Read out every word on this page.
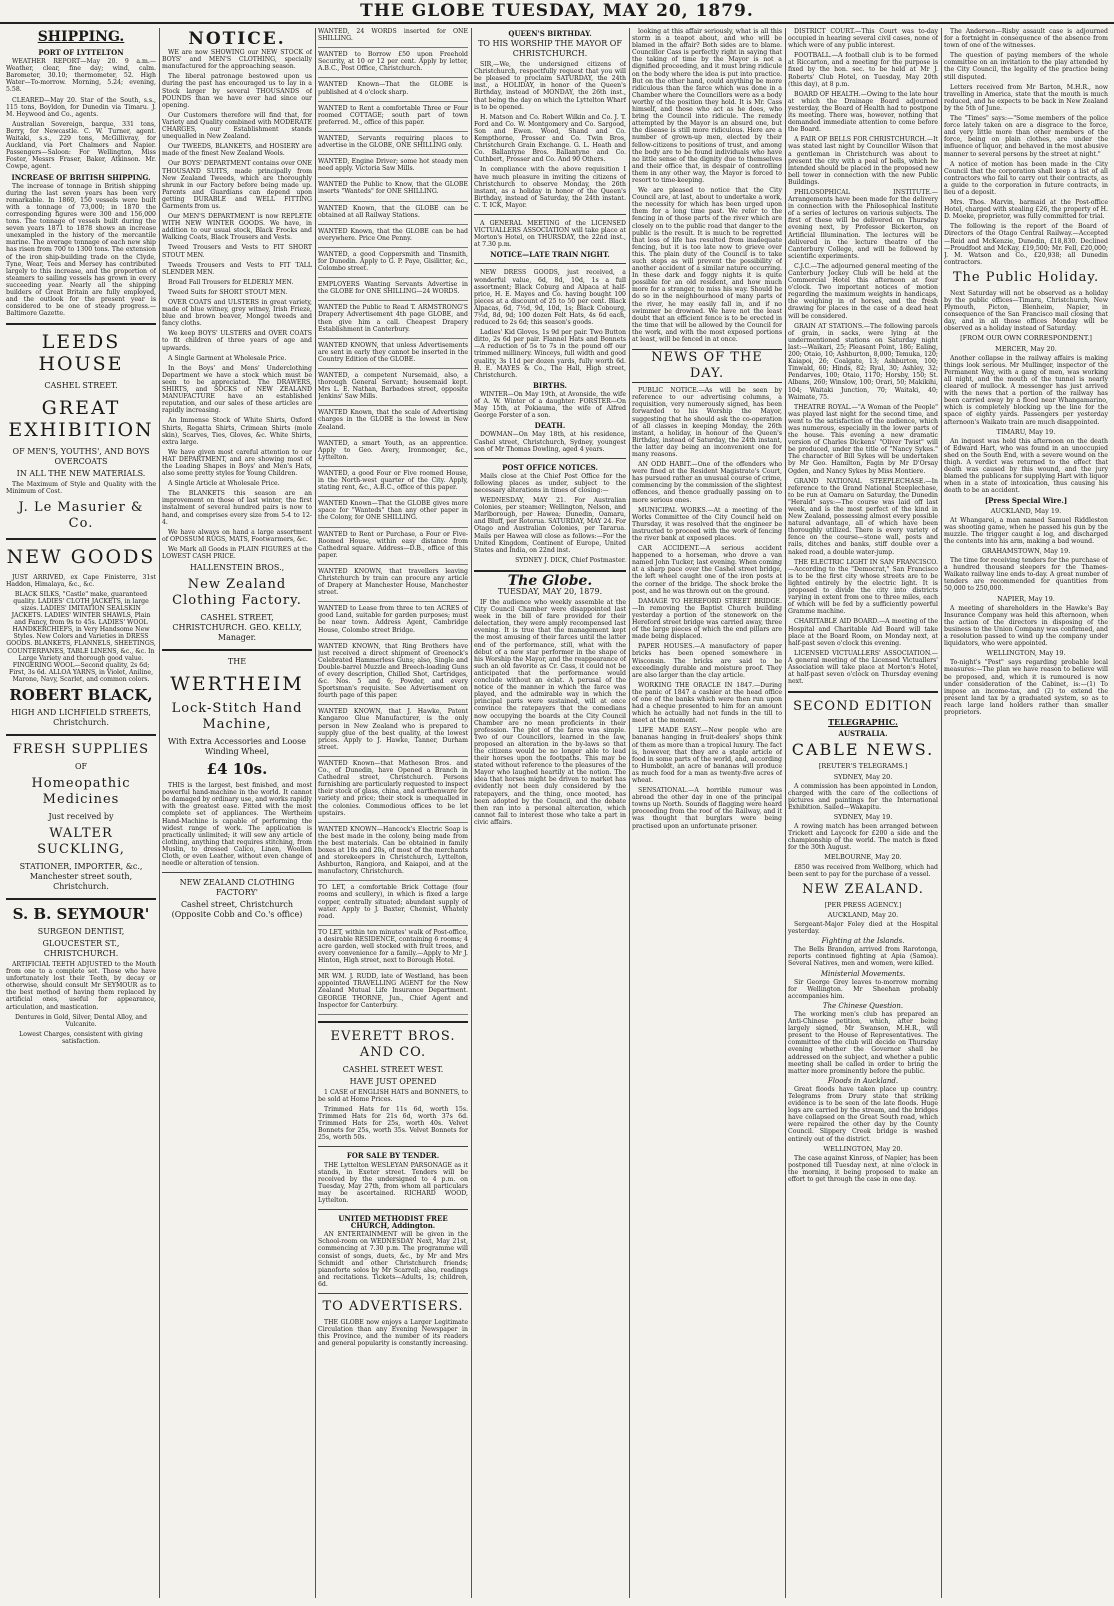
THE GLOBE TUESDAY, MAY 20, 1879.
SHIPPING.
PORT OF LYTTELTON

WEATHER REPORT—May 20. 9 a.m.—Weather, clear, fine day; wind, calm. Barometer, 30.10; thermometer, 52. High Water—To-morrow. Morning, 5.24; evening, 5.58.

CLEARED—May 20. Star of the South, s.s., 115 tons, Boyldon, for Dunedin via Timaru. J. M. Heywood and Co., agents.

Australian Sovereign, barque, 331 tons, Berry, for Newcastle. C. W. Turner, agent. Waitaki, s.s., 229 tons, McGillivray, for Auckland, via Port Chalmers and Napier. Passengers—Saloon: For Wellington, Miss Foster, Messrs Fraser, Baker, Atkinson. Mr. Cowpe, agent.

INCREASE OF BRITISH SHIPPING.

The increase of tonnage in British shipping during the last seven years has been very remarkable. In 1860, 150 vessels were built with a tonnage of 73,000; in 1870 the corresponding figures were 300 and 156,000 tons. The tonnage of vessels built during the seven years 1871 to 1878 shows an increase unexampled in the history of the mercantile marine. The average tonnage of each new ship has risen from 700 to 1300 tons. The extension of the iron ship-building trade on the Clyde, Tyne, Wear, Tees and Mersey has contributed largely to this increase, and the proportion of steamers to sailing vessels has grown in every succeeding year. Nearly all the shipping builders of Great Britain are fully employed, and the outlook for the present year is considered to be one of steady progress.—Baltimore Gazette.

LEEDS HOUSE
CASHEL STREET.
GREAT EXHIBITION
OF MEN'S, YOUTHS', AND BOYS OVERCOATS
IN ALL THE NEW MATERIALS.

The Maximum of Style and Quality with the Minimum of Cost.

J. Le Masurier & Co.
NEW GOODS

JUST ARRIVED, ex Cape Finisterre, 31st Haddon, Himalaya, &c., &c.

BLACK SILKS, "Castle" make, guaranteed quality. LADIES' CLOTH JACKETS, in large sizes. LADIES' IMITATION SEALSKIN JACKETS. LADIES' WINTER SHAWLS, Plain and Fancy, from 9s to 45s. LADIES' WOOL HANDKERCHIEFS, in Very Handsome New Styles. New Colors and Varieties in DRESS GOODS. BLANKETS, FLANNELS, SHEETINGS, COUNTERPANES, TABLE LINENS, &c., &c. In Large Variety and thorough good value. FINGERING WOOL—Second quality, 2s 6d; First, 3s 6d. ALLOA YARNS, in Violet, Aniline, Marone, Navy, Scarlet, and common colors.

ROBERT BLACK,
HIGH AND LICHFIELD STREETS, Christchurch.
FRESH SUPPLIES
OF
Homeopathic Medicines
Just received by
WALTER SUCKLING,
STATIONER, IMPORTER, &c., Manchester street south, Christchurch.
S. B. SEYMOUR'
SURGEON DENTIST,
GLOUCESTER ST., CHRISTCHURCH.

ARTIFICIAL TEETH ADJUSTED to the Mouth from one to a complete set. Those who have unfortunately lost their Teeth, by decay or otherwise, should consult Mr SEYMOUR as to the best method of having them replaced by artificial ones, useful for appearance, articulation, and mastication.

Dentures in Gold, Silver, Dental Alloy, and Vulcanite.

Lowest Charges, consistent with giving satisfaction.

NOTICE.

WE are now SHOWING our NEW STOCK of BOYS' and MEN'S CLOTHING, specially manufactured for the approaching season.

The liberal patronage bestowed upon us during the past has encouraged us to lay in a Stock larger by several THOUSANDS of POUNDS than we have ever had since our opening.

Our Customers therefore will find that, for Variety and Quality combined with MODERATE CHARGES, our Establishment stands unequalled in New Zealand.

Our TWEEDS, BLANKETS, and HOSIERY are made of the finest New Zealand Wools.

Our BOYS' DEPARTMENT contains over ONE THOUSAND SUITS, made principally from New Zealand Tweeds, which are thoroughly shrunk in our Factory before being made up. Parents and Guardians can depend upon getting DURABLE and WELL FITTING Garments from us.

Our MEN'S DEPARTMENT is now REPLETE WITH NEW WINTER GOODS. We have, in addition to our usual stock, Black Frocks and Walking Coats, Black Trousers and Vests.

Tweed Trousers and Vests to FIT SHORT STOUT MEN.

Tweeds Trousers and Vests to FIT TALL SLENDER MEN.

Broad Fall Trousers for ELDERLY MEN.

Tweed Suits for SHORT STOUT MEN.

OVER COATS and ULSTERS in great variety, made of blue witney, grey witney, Irish Frieze, blue and brown beaver, Mongol tweeds and fancy cloths.

We keep BOYS' ULSTERS and OVER COATS to fit children of three years of age and upwards.

A Single Garment at Wholesale Price.

In the Boys' and Mens' Underclothing Department we have a stock which must be seen to be appreciated. The DRAWERS, SHIRTS, and SOCKS of NEW ZEALAND MANUFACTURE have an established reputation, and our sales of these articles are rapidly increasing.

An Immense Stock of White Shirts, Oxford Shirts, Regatta Shirts, Crimean Shirts (mole skin), Scarves, Ties, Gloves, &c. White Shirts, extra large.

We have given most careful attention to our HAT DEPARTMENT, and are showing most of the Leading Shapes in Boys' and Men's Hats, also some pretty styles for Young Children.

A Single Article at Wholesale Price.

The BLANKETS this season are an improvement on those of last winter, the first instalment of several hundred pairs is now to hand, and comprises every size from 5-4 to 12-4.

We have always on hand a large assortment of OPOSSUM RUGS, MATS, Footwarmers, &c.

We Mark all Goods in PLAIN FIGURES at the LOWEST CASH PRICE.

HALLENSTEIN BROS.,
New Zealand Clothing Factory.
CASHEL STREET, CHRISTCHURCH. GEO. KELLY, Manager.
THE
WERTHEIM
Lock-Stitch Hand Machine,
With Extra Accessories and Loose Winding Wheel,
£4 10s.

THIS is the largest, best finished, and most powerful hand-machine in the world. It cannot be damaged by ordinary use, and works rapidly with the greatest ease. Fitted with the most complete set of appliances. The Wertheim Hand-Machine is capable of performing the widest range of work. The application is practically unlimited; it will sew any article of clothing, anything that requires stitching, from Muslin, to dressed Calico, Linen, Woollen Cloth, or even Leather, without even change of needle or alteration of tension.

NEW ZEALAND CLOTHING FACTORY'
Cashel street, Christchurch (Opposite Cobb and Co.'s office)

WANTED, 24 WORDS inserted for ONE SHILLING.

WANTED to Borrow £50 upon Freehold Security, at 10 or 12 per cent. Apply by letter, A.B.C., Post Office, Christchurch.

WANTED Known—That the GLOBE is published at 4 o'clock sharp.

WANTED to Rent a comfortable Three or Four roomed COTTAGE; south part of town preferred. M., office of this paper.

WANTED, Servants requiring places to advertise in the GLOBE, ONE SHILLING only.

WANTED, Engine Driver; some hot steady men need apply. Victoria Saw Mills.

WANTED the Public to Know, that the GLOBE inserts "Wanteds" for ONE SHILLING.

WANTED Known, that the GLOBE can be obtained at all Railway Stations.

WANTED Known, that the GLOBE can be had everywhere. Price One Penny.

WANTED, a good Coppersmith and Tinsmith, for Dunedin. Apply to G. P. Paye, Gisilitter, &c., Colombo street.

EMPLOYERS Wanting Servants Advertise in the GLOBE for ONE SHILLING—24 WORDS.

WANTED the Public to Read T. ARMSTRONG'S Drapery Advertisement 4th page GLOBE, and then give him a call. Cheapest Drapery Establishment in Canterbury.

WANTED KNOWN, that unless Advertisements are sent in early they cannot be inserted in the Country Edition of the GLOBE.

WANTED, a competent Nursemaid, also, a thorough General Servant; housemaid kept. Mrs L. E. Nathan, Barbadoes street, opposite Jenkins' Saw Mills.

WANTED Known, that the scale of Advertising charges in the GLOBE is the lowest in New Zealand.

WANTED, a smart Youth, as an apprentice. Apply to Geo. Avery, Ironmonger, &c., Lyttelton.

WANTED, a good Four or Five roomed House, in the North-west quarter of the City. Apply, stating rent, &c., A.B.C., office of this paper.

WANTED Known—That the GLOBE gives more space for "Wanteds" than any other paper in the Colony, for ONE SHILLING.

WANTED to Rent or Purchase, a Four or Five-Roomed House, within easy distance from Cathedral square. Address—D.B., office of this paper.

WANTED KNOWN, that travellers leaving Christchurch by train can procure any article of Drapery at Manchester House, Manchester street.

WANTED to Lease from three to ten ACRES of good Land, suitable for garden purposes; must be near town. Address Agent, Cambridge House, Colombo street Bridge.

WANTED KNOWN, that Ring Brothers have just received a direct shipment of Greenock's Celebrated Hammerless Guns; also, Single and Double-barrel Muzzle and Breech-loading Guns of every description, Chilled Shot, Cartridges, &c. Nos. 5 and 6; Powder, and every Sportsman's requisite. See Advertisement on fourth page of this paper.

WANTED KNOWN, that J. Hawke, Patent Kangaroo Glue Manufacturer, is the only person in New Zealand who is prepared to supply glue of the best quality, at the lowest prices. Apply to J. Hawke, Tanner, Durham street.

WANTED Known—that Matheson Bros. and Co., of Dunedin, have Opened a Branch in Cathedral street, Christchurch. Persons furnishing are particularly requested to inspect their stock of glass, china, and earthenware for variety and price; their stock is unequalled in the colonies. Commodious offices to be let upstairs.

WANTED KNOWN—Hancock's Electric Soap is the best made in the colony, being made from the best materials. Can be obtained in family boxes at 10s and 20s, of most of the merchants and storekeepers in Christchurch, Lyttelton, Ashburton, Rangiora, and Kaiapoi, and at the manufactory, Christchurch.

TO LET, a comfortable Brick Cottage (four rooms and scullery), in which is fixed a large copper, centrally situated; abundant supply of water. Apply to J. Baxter, Chemist, Whately road.

TO LET, within ten minutes' walk of Post-office, a desirable RESIDENCE, containing 6 rooms; 4 acre garden, well stocked with fruit trees, and every convenience for a family.—Apply to Mr J. Hinton, High street, next to Borough Hotel.

MR WM. J. RUDD, late of Westland, has been appointed TRAVELLING AGENT for the New Zealand Mutual Life Insurance Department. GEORGE THORNE, Jun., Chief Agent and Inspector for Canterbury.

EVERETT BROS. AND CO.
CASHEL STREET WEST.
HAVE JUST OPENED

1 CASE of ENGLISH HATS and BONNETS, to be sold at Home Prices.

Trimmed Hats for 11s 6d, worth 15s. Trimmed Hats for 21s 6d, worth 37s 6d. Trimmed Hats for 25s, worth 40s. Velvet Bonnets for 25s, worth 35s. Velvet Bonnets for 25s, worth 50s.

FOR SALE BY TENDER.

THE Lyttelton WESLEYAN PARSONAGE as it stands, in Exeter street. Tenders will be received by the undersigned to 4 p.m. on Tuesday, May 27th, from whom all particulars may be ascertained. RICHARD WOOD, Lyttelton.

UNITED METHODIST FREE CHURCH, Addington.

AN ENTERTAINMENT will be given in the School-room on WEDNESDAY Next, May 21st, commencing at 7.30 p.m. The programme will consist of songs, duets, &c., by Mr and Mrs Schmidt and other Christchurch friends; pianoforte solos by Mr Scarrell; also, readings and recitations. Tickets—Adults, 1s; children, 6d.

TO ADVERTISERS.

THE GLOBE now enjoys a Larger Legitimate Circulation than any Evening Newspaper in this Province, and the number of its readers and general popularity is constantly increasing.

QUEEN'S BIRTHDAY.
TO HIS WORSHIP THE MAYOR OF CHRISTCHURCH.

SIR,—We, the undersigned citizens of Christchurch, respectfully request that you will be pleased to proclaim SATURDAY, the 24th inst., a HOLIDAY, in honor of the Queen's Birthday, instead of MONDAY, the 26th inst., that being the day on which the Lyttelton Wharf is to be opened.

H. Matson and Co. Robert Wilkin and Co. J. T. Ford and Co. W. Montgomery and Co. Sargood, Son and Ewen. Wood, Shand and Co. Kempthorne, Prosser and Co. Twin Bros, Christchurch Grain Exchange. G. L. Heath and Co. Ballantyne Bros. Ballantyne and Co. Cuthbert, Prosser and Co. And 90 Others.

In compliance with the above requisition I have much pleasure in inviting the citizens of Christchurch to observe Monday, the 26th instant, as a holiday in honor of the Queen's Birthday, instead of Saturday, the 24th instant. C. T. ICK, Mayor.

A GENERAL MEETING of the LICENSED VICTUALLERS ASSOCIATION will take place at Morton's Hotel, on THURSDAY, the 22nd inst., at 7.30 p.m.

NOTICE—LATE TRAIN NIGHT.

NEW DRESS GOODS, just received, a wonderful value, 6d, 8d, 10d, 1s a full assortment; Black Coburg and Alpaca at half-price, H. E. Mayes and Co. having bought 100 pieces at a discount of 25 to 50 per cent. Black Alpacas, 6d, 7½d, 9d, 10d, 1s; Black Cobourg, 7½d, 8d, 9d; 100 dozen Felt Hats, 4s 6d each, reduced to 2s 6d; this season's goods.

Ladies' Kid Gloves, 1s 9d per pair. Two Button ditto, 2s 6d per pair. Flannel Hats and Bonnets—A reduction of 5s to 7s in the pound off our trimmed millinery. Winceys, full width and good quality, 3s 11d per dozen yards, fully worth 6d. H. E. MAYES & Co., The Hall, High street, Christchurch.

BIRTHS.

WINTER—On May 19th, at Avonside, the wife of A. W. Winter of a daughter. FORSTER—On May 15th, at Pokiauma, the wife of Alfred George Forster of a son.

DEATH.

DOWMAN—On May 18th, at his residence, Cashel street, Christchurch, Sydney, youngest son of Mr Thomas Dowling, aged 4 years.

POST OFFICE NOTICES.

Mails close at the Chief Post Office for the following places as under, subject to the necessary alterations in times of closing:—

WEDNESDAY, MAY 21. For Australian Colonies, per steamer; Wellington, Nelson, and Marlborough, per Hawea; Dunedin, Oamaru, and Bluff, per Rotorua. SATURDAY, MAY 24. For Otago and Australian Colonies, per Tararua. Mails per Hawea will close as follows:—For the United Kingdom, Continent of Europe, United States and India, on 22nd inst.

SYDNEY J. DICK, Chief Postmaster.

The Globe.
TUESDAY, MAY 20, 1879.

IF the audience who weekly assemble at the City Council Chamber were disappointed last week in the bill of fare provided for their delectation, they were amply recompensed last evening. It is true that the management kept the most amusing of their farces until the latter end of the performance, still, what with the début of a new star performer in the shape of his Worship the Mayor, and the reappearance of such an old favorite as Cr. Cass, it could not be anticipated that the performance would conclude without an éclat. A perusal of the notice of the manner in which the farce was played, and the admirable way in which the principal parts were sustained, will at once convince the ratepayers that the comedians now occupying the boards at the City Council Chamber are no mean proficients in their profession. The plot of the farce was simple. Two of our Councillors, learned in the law, proposed an alteration in the by-laws so that the citizens would be no longer able to lead their horses upon the footpaths. This may be stated without reference to the pleasures of the Mayor who laughed heartily at the notion. The idea that horses might be driven to market has evidently not been duly considered by the ratepayers, and the thing, once mooted, has been adopted by the Council, and the debate then ran into a personal altercation, which cannot fail to interest those who take a part in civic affairs.

looking at this affair seriously, what is all this storm in a teapot about, and who will be blamed in the affair? Both sides are to blame. Councillor Cass is perfectly right in saying that the taking of time by the Mayor is not a dignified proceeding, and it must bring ridicule on the body where the idea is put into practice. But on the other hand, could anything be more ridiculous than the farce which was done in a Chamber where the Councillors were as a body worthy of the position they hold. It is Mr. Cass himself, and those who act as he does, who bring the Council into ridicule. The remedy attempted by the Mayor is an absurd one, but the disease is still more ridiculous. Here are a number of grown-up men, elected by their fellow-citizens to positions of trust, and among the body are to be found individuals who have no little sense of the dignity due to themselves and their office that, in despair of controlling them in any other way, the Mayor is forced to resort to time-keeping.

We are pleased to notice that the City Council are, at last, about to undertake a work, the necessity for which has been urged upon them for a long time past. We refer to the fencing in of those parts of the river which are closely on to the public road that danger to the public is the result. It is much to be regretted that loss of life has resulted from inadequate fencing, but it is too late now to grieve over this. The plain duty of the Council is to take such steps as will prevent the possibility of another accident of a similar nature occurring. In these dark and foggy nights it is quite possible for an old resident, and how much more for a stranger, to miss his way. Should he do so in the neighbourhood of many parts of the river, he may easily fall in, and if no swimmer be drowned. We have not the least doubt that an efficient fence is to be erected in the time that will be allowed by the Council for the work, and with the most exposed portions at least, will be fenced in at once.

NEWS OF THE DAY.

PUBLIC NOTICE.—As will be seen by reference to our advertising columns, a requisition, very numerously signed, has been forwarded to his Worship the Mayor, suggesting that he should ask the co-operation of all classes in keeping Monday, the 26th instant, a holiday, in honour of the Queen's Birthday, instead of Saturday, the 24th instant, the latter day being an inconvenient one for many reasons.

AN ODD HABIT.—One of the offenders who were fined at the Resident Magistrate's Court, has pursued rather an unusual course of crime, commencing by the commission of the slightest offences, and thence gradually passing on to more serious ones.

MUNICIPAL WORKS.—At a meeting of the Works Committee of the City Council held on Thursday, it was resolved that the engineer be instructed to proceed with the work of fencing the river bank at exposed places.

CAR ACCIDENT.—A serious accident happened to a horseman, who drove a van named John Tucker, last evening. When coming at a sharp pace over the Cashel street bridge, the left wheel caught one of the iron posts at the corner of the bridge. The shock broke the post, and he was thrown out on the ground.

DAMAGE TO HEREFORD STREET BRIDGE.—In removing the Baptist Church building yesterday a portion of the stonework on the Hereford street bridge was carried away, three of the large pieces of which the end pillars are made being displaced.

PAPER HOUSES.—A manufactory of paper bricks has been opened somewhere in Wisconsin. The bricks are said to be exceedingly durable and moisture proof. They are also larger than the clay article.

WORKING THE ORACLE IN 1847.—During the panic of 1847 a cashier at the head office of one of the banks which were then run upon had a cheque presented to him for an amount which he actually had not funds in the till to meet at the moment.

LIFE MADE EASY.—New people who are bananas hanging in fruit-dealers' shops think of them as more than a tropical luxury. The fact is, however, that they are a staple article of food in some parts of the world, and, according to Humboldt, an acre of bananas will produce as much food for a man as twenty-five acres of wheat.

SENSATIONAL.—A horrible rumour was abroad the other day in one of the principal towns up North. Sounds of flagging were heard proceeding from the roof of the Railway, and it was thought that burglars were being practised upon an unfortunate prisoner.

DISTRICT COURT.—This Court was to-day occupied in hearing several civil cases, none of which were of any public interest.

FOOTBALL.—A football club is to be formed at Riccarton, and a meeting for the purpose is fixed by the hon. sec. to be held at Mr J. Roberts' Club Hotel, on Tuesday, May 20th (this day), at 8 p.m.

BOARD OF HEALTH.—Owing to the late hour at which the Drainage Board adjourned yesterday, the Board of Health had to postpone its meeting. There was, however, nothing that demanded immediate attention to come before the Board.

A FAIR OF BELLS FOR CHRISTCHURCH.—It was stated last night by Councillor Wilson that a gentleman in Christchurch was about to present the city with a peal of bells, which he intended should be placed in the proposed new bell tower in connection with the new Public Buildings.

PHILOSOPHICAL INSTITUTE.—Arrangements have been made for the delivery in connection with the Philosophical Institute of a series of lectures on various subjects. The first of these will be delivered on Thursday evening next, by Professor Bickerton, on Artificial Illumination. The lectures will be delivered in the lecture theatre of the Canterbury College, and will be followed by scientific experiments.

C.J.C.—The adjourned general meeting of the Canterbury Jockey Club will be held at the Commercial Hotel this afternoon at four o'clock. Two important notices of motion regarding the maximum weights in handicaps, the weighing in of horses, and the fresh drawing for places in the case of a dead heat will be considered.

GRAIN AT STATIONS.—The following parcels of grain, in sacks, were lying at the undermentioned stations on Saturday night last:—Waikari, 25; Pleasant Point, 186; Ealing, 200; Otaio, 10; Ashburton, 8,000; Temuka, 120; Kaiapoi, 26; Coalgate, 13; Ashburton, 100; Tinwald, 60; Hinds, 82; Ryal, 30; Ashley, 32; Pendarves, 100; Otaio, 1170; Horsby, 150; St. Albans, 260; Winslow, 100; Orari, 50; Makikihi, 104; Waitaki Junction, 70; Waitaki, 40; Waimate, 75.

THEATRE ROYAL.—"A Woman of the People" was played last night for the second time, and went to the satisfaction of the audience, which was numerous, especially in the lower parts of the house. This evening a new dramatic version of Charles Dickens' "Oliver Twist" will be produced, under the title of "Nancy Sykes." The character of Bill Sykes will be undertaken by Mr Geo. Hamilton, Fagin by Mr D'Orsay Ogden, and Nancy Sykes by Miss Montiere.

GRAND NATIONAL STEEPLECHASE.—In reference to the Grand National Steeplechase, to be run at Oamaru on Saturday, the Dunedin "Herald" says:—The course was laid off last week, and is the most perfect of the kind in New Zealand, possessing almost every possible natural advantage, all of which have been thoroughly utilized. There is every variety of fence on the course—stone wall, posts and rails, ditches and banks, stiff double over a naked road, a double water-jump.

THE ELECTRIC LIGHT IN SAN FRANCISCO.—According to the "Democrat," San Francisco is to be the first city whose streets are to be lighted entirely by the electric light. It is proposed to divide the city into districts varying in extent from one to three miles, each of which will be fed by a sufficiently powerful Gramme machine.

CHARITABLE AID BOARD.—A meeting of the Hospital and Charitable Aid Board will take place at the Board Room, on Monday next, at half-past seven o'clock this evening.

LICENSED VICTUALLERS' ASSOCIATION.—A general meeting of the Licensed Victuallers' Association will take place at Morton's Hotel, at half-past seven o'clock on Thursday evening next.

SECOND EDITION
TELEGRAPHIC.
AUSTRALIA.
CABLE NEWS.
[REUTER'S TELEGRAMS.]
SYDNEY, May 20.

A commission has been appointed in London, charged with the care of the collections of pictures and paintings for the International Exhibition. Sailed—Wakapitu.

SYDNEY, May 19.

A rowing match has been arranged between Trickett and Laycock for £200 a side and the championship of the world. The match is fixed for the 30th August.

MELBOURNE, May 20.

£850 was received from Wellborg, which had been sent to pay for the purchase of a vessel.

NEW ZEALAND.
[PER PRESS AGENCY.]
AUCKLAND, May 20.

Sergeant-Major Foley died at the Hospital yesterday.

Fighting at the Islands.

The Bells Brandon, arrived from Rarotonga, reports continued fighting at Apia (Samoa). Several Natives, men and women, were killed.

Ministerial Movements.

Sir George Grey leaves to-morrow morning for Wellington. Mr Sheehan probably accompanies him.

The Chinese Question.

The working men's club has prepared an Anti-Chinese petition, which, after being largely signed, Mr Swanson, M.H.R., will present to the House of Representatives. The committee of the club will decide on Thursday evening whether the Governor shall be addressed on the subject, and whether a public meeting shall be called in order to bring the matter more prominently before the public.

Floods in Auckland.

Great floods have taken place up country. Telegrams from Drury state that striking evidence is to be seen of the late floods. Huge logs are carried by the stream, and the bridges have collapsed on the Great South road, which were repaired the other day by the County Council. Slippery Creek bridge is washed entirely out of the district.

WELLINGTON, May 20.

The case against Kinross, of Napier, has been postponed till Tuesday next, at nine o'clock in the morning, it being proposed to make an effort to get through the case in one day.

The Anderson—Risby assault case is adjourned for a fortnight in consequence of the absence from town of one of the witnesses.

The question of paying members of the whole committee on an invitation to the play attended by the City Council, the legality of the practice being still disputed.

Letters received from Mr Barton, M.H.R., now travelling in America, state that the mouth is much reduced, and he expects to be back in New Zealand by the 5th of June.

The "Times" says:—"Some members of the police force lately taken on are a disgrace to the force, and very little more than other members of the force, being on plain clothes, are under the influence of liquor, and behaved in the most abusive manner to several persons by the street at night."

A notice of motion has been made in the City Council that the corporation shall keep a list of all contractors who fail to carry out their contracts, as a guide to the corporation in future contracts, in lieu of a deposit.

Mrs. Thos. Marvin, barmaid at the Post-office Hotel, charged with stealing £26, the property of H. D. Moeke, proprietor, was fully committed for trial.

The following is the report of the Board of Directors of the Otago Central Railway.—Accepted—Reid and McKenzie, Dunedin, £18,830. Declined—Proudfoot and McKay, £19,500; Mr. Fell, £20,000; J. M. Watson and Co., £20,938; all Dunedin contractors.

The Public Holiday.

Next Saturday will not be observed as a holiday by the public offices—Timaru, Christchurch, New Plymouth, Picton, Blenheim, Napier, in consequence of the San Francisco mail closing that day, and in all those offices Monday will be observed as a holiday instead of Saturday.

[FROM OUR OWN CORRESPONDENT.]
MERCER, May 20.

Another collapse in the railway affairs is making things look serious. Mr Mullinger, inspector of the Permanent Way, with a gang of men, was working all night, and the mouth of the tunnel is nearly cleared of mullock. A messenger has just arrived with the news that a portion of the railway has been carried away by a flood near Whangamarino, which is completely blocking up the line for the space of eighty yards. Passengers per yesterday afternoon's Waikato train are much disappointed.

TIMARU, May 19.

An inquest was held this afternoon on the death of Edward Hart, who was found in an unoccupied shed on the South End, with a severe wound on the thigh. A verdict was returned to the effect that death was caused by this wound, and the jury blamed the publicans for supplying Hart with liquor when in a state of intoxication, thus causing his death to be an accident.

[Press Special Wire.]
AUCKLAND, May 19.

At Whangarei, a man named Samuel Riddleston was shooting game, when he passed his gun by the muzzle. The trigger caught a log, and discharged the contents into his arm, making a bad wound.

GRAHAMSTOWN, May 19.

The time for receiving tenders for the purchase of a hundred thousand sleepers for the Thames-Waikato railway line ends to-day. A great number of tenders are recommended for quantities from 50,000 to 250,000.

NAPIER, May 19.

A meeting of shareholders in the Hawke's Bay Insurance Company was held this afternoon, when the action of the directors in disposing of the business to the Union Company was confirmed, and a resolution passed to wind up the company under liquidators, who were appointed.

WELLINGTON, May 19.

To-night's "Post" says regarding probable local measures:—The plan we have reason to believe will be proposed, and, which it is rumoured is now under consideration of the Cabinet, is:—(1) To impose an income-tax, and (2) to extend the present land tax by a graduated system, so as to reach large land holders rather than smaller proprietors.
